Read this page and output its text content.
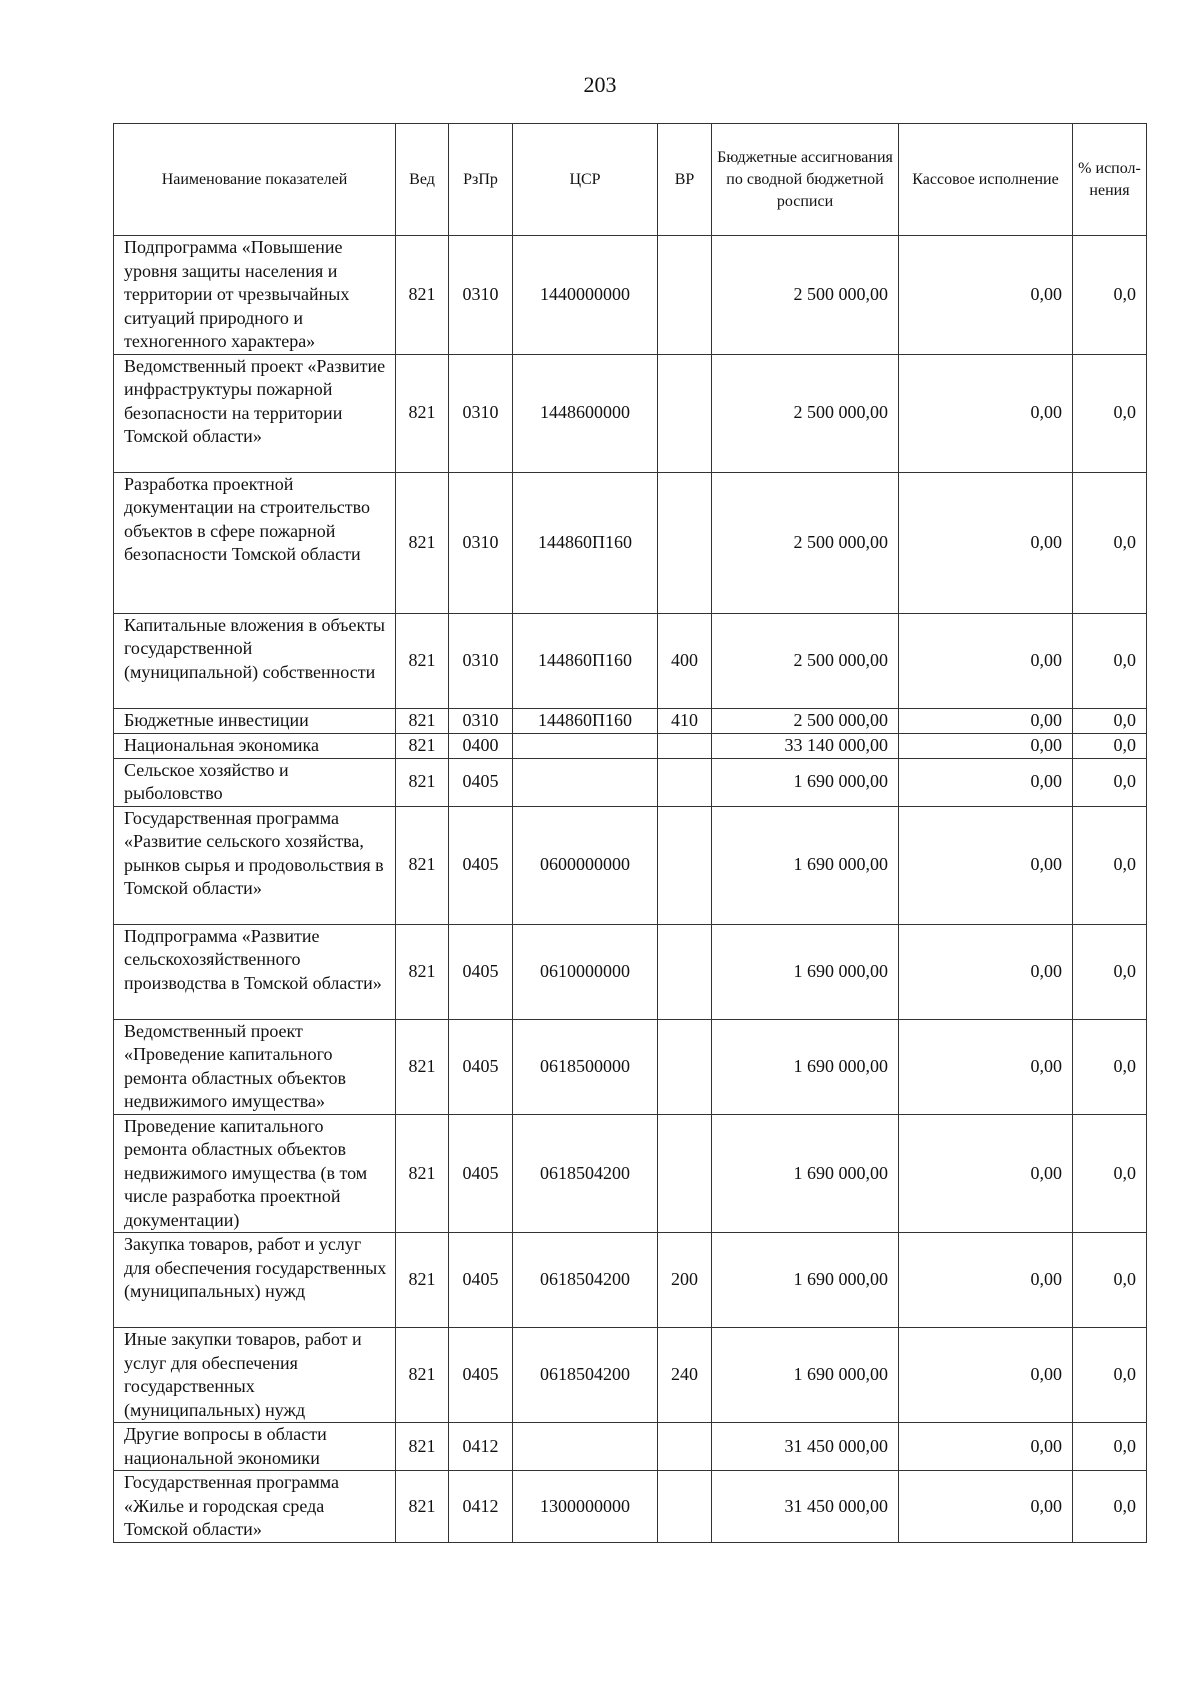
203
Наименование показателей	Вед	РзПр	ЦСР	ВР	Бюджетные ассигнования по сводной бюджетной росписи	Кассовое исполнение	% испол-нения
Подпрограмма «Повышение уровня защиты населения и территории от чрезвычайных ситуаций природного и техногенного характера»	821	0310	1440000000		2 500 000,00	0,00	0,0
Ведомственный проект «Развитие инфраструктуры пожарной безопасности на территории Томской области»	821	0310	1448600000		2 500 000,00	0,00	0,0
Разработка проектной документации на строительство объектов в сфере пожарной безопасности Томской области	821	0310	144860П160		2 500 000,00	0,00	0,0
Капитальные вложения в объекты государственной (муниципальной) собственности	821	0310	144860П160	400	2 500 000,00	0,00	0,0
Бюджетные инвестиции	821	0310	144860П160	410	2 500 000,00	0,00	0,0
Национальная экономика	821	0400			33 140 000,00	0,00	0,0
Сельское хозяйство и рыболовство	821	0405			1 690 000,00	0,00	0,0
Государственная программа «Развитие сельского хозяйства, рынков сырья и продовольствия в Томской области»	821	0405	0600000000		1 690 000,00	0,00	0,0
Подпрограмма «Развитие сельскохозяйственного производства в Томской области»	821	0405	0610000000		1 690 000,00	0,00	0,0
Ведомственный проект «Проведение капитального ремонта областных объектов недвижимого имущества»	821	0405	0618500000		1 690 000,00	0,00	0,0
Проведение капитального ремонта областных объектов недвижимого имущества (в том числе разработка проектной документации)	821	0405	0618504200		1 690 000,00	0,00	0,0
Закупка товаров, работ и услуг для обеспечения государственных (муниципальных) нужд	821	0405	0618504200	200	1 690 000,00	0,00	0,0
Иные закупки товаров, работ и услуг для обеспечения государственных (муниципальных) нужд	821	0405	0618504200	240	1 690 000,00	0,00	0,0
Другие вопросы в области национальной экономики	821	0412			31 450 000,00	0,00	0,0
Государственная программа «Жилье и городская среда Томской области»	821	0412	1300000000		31 450 000,00	0,00	0,0
